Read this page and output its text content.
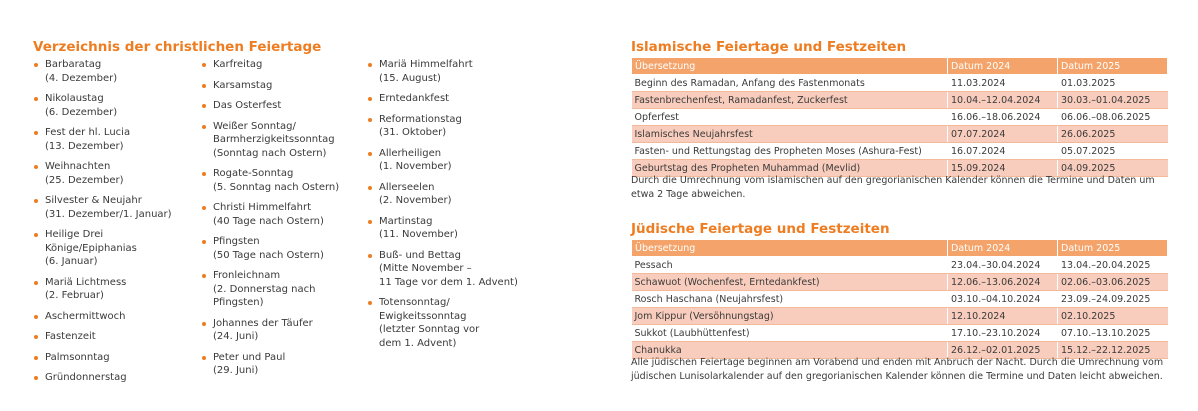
Verzeichnis der christlichen Feiertage
Barbaratag
(4. Dezember)
Nikolaustag
(6. Dezember)
Fest der hl. Lucia
(13. Dezember)
Weihnachten
(25. Dezember)
Silvester & Neujahr
(31. Dezember/1. Januar)
Heilige Drei Könige/Epiphanias
(6. Januar)
Mariä Lichtmess
(2. Februar)
Aschermittwoch
Fastenzeit
Palmsonntag
Gründonnerstag
Karfreitag
Karsamstag
Das Osterfest
Weißer Sonntag/
Barmherzigkeitssonntag
(Sonntag nach Ostern)
Rogate-Sonntag
(5. Sonntag nach Ostern)
Christi Himmelfahrt
(40 Tage nach Ostern)
Pfingsten
(50 Tage nach Ostern)
Fronleichnam
(2. Donnerstag nach Pfingsten)
Johannes der Täufer
(24. Juni)
Peter und Paul
(29. Juni)
Mariä Himmelfahrt
(15. August)
Erntedankfest
Reformationstag
(31. Oktober)
Allerheiligen
(1. November)
Allerseelen
(2. November)
Martinstag
(11. November)
Buß- und Bettag
(Mitte November –
11 Tage vor dem 1. Advent)
Totensonntag/
Ewigkeitssonntag
(letzter Sonntag vor
dem 1. Advent)
Islamische Feiertage und Festzeiten
Übersetzung	Datum 2024	Datum 2025
Beginn des Ramadan, Anfang des Fastenmonats	11.03.2024	01.03.2025
Fastenbrechenfest, Ramadanfest, Zuckerfest	10.04.–12.04.2024	30.03.–01.04.2025
Opferfest	16.06.–18.06.2024	06.06.–08.06.2025
Islamisches Neujahrsfest	07.07.2024	26.06.2025
Fasten- und Rettungstag des Propheten Moses (Ashura-Fest)	16.07.2024	05.07.2025
Geburtstag des Propheten Muhammad (Mevlid)	15.09.2024	04.09.2025
Durch die Umrechnung vom islamischen auf den gregorianischen Kalender können die Termine und Daten um etwa 2 Tage abweichen.
Jüdische Feiertage und Festzeiten
Übersetzung	Datum 2024	Datum 2025
Pessach	23.04.–30.04.2024	13.04.–20.04.2025
Schawuot (Wochenfest, Erntedankfest)	12.06.–13.06.2024	02.06.–03.06.2025
Rosch Haschana (Neujahrsfest)	03.10.–04.10.2024	23.09.–24.09.2025
Jom Kippur (Versöhnungstag)	12.10.2024	02.10.2025
Sukkot (Laubhüttenfest)	17.10.–23.10.2024	07.10.–13.10.2025
Chanukka	26.12.–02.01.2025	15.12.–22.12.2025
Alle jüdischen Feiertage beginnen am Vorabend und enden mit Anbruch der Nacht. Durch die Umrechnung vom jüdischen Lunisolarkalender auf den gregorianischen Kalender können die Termine und Daten leicht abweichen.
